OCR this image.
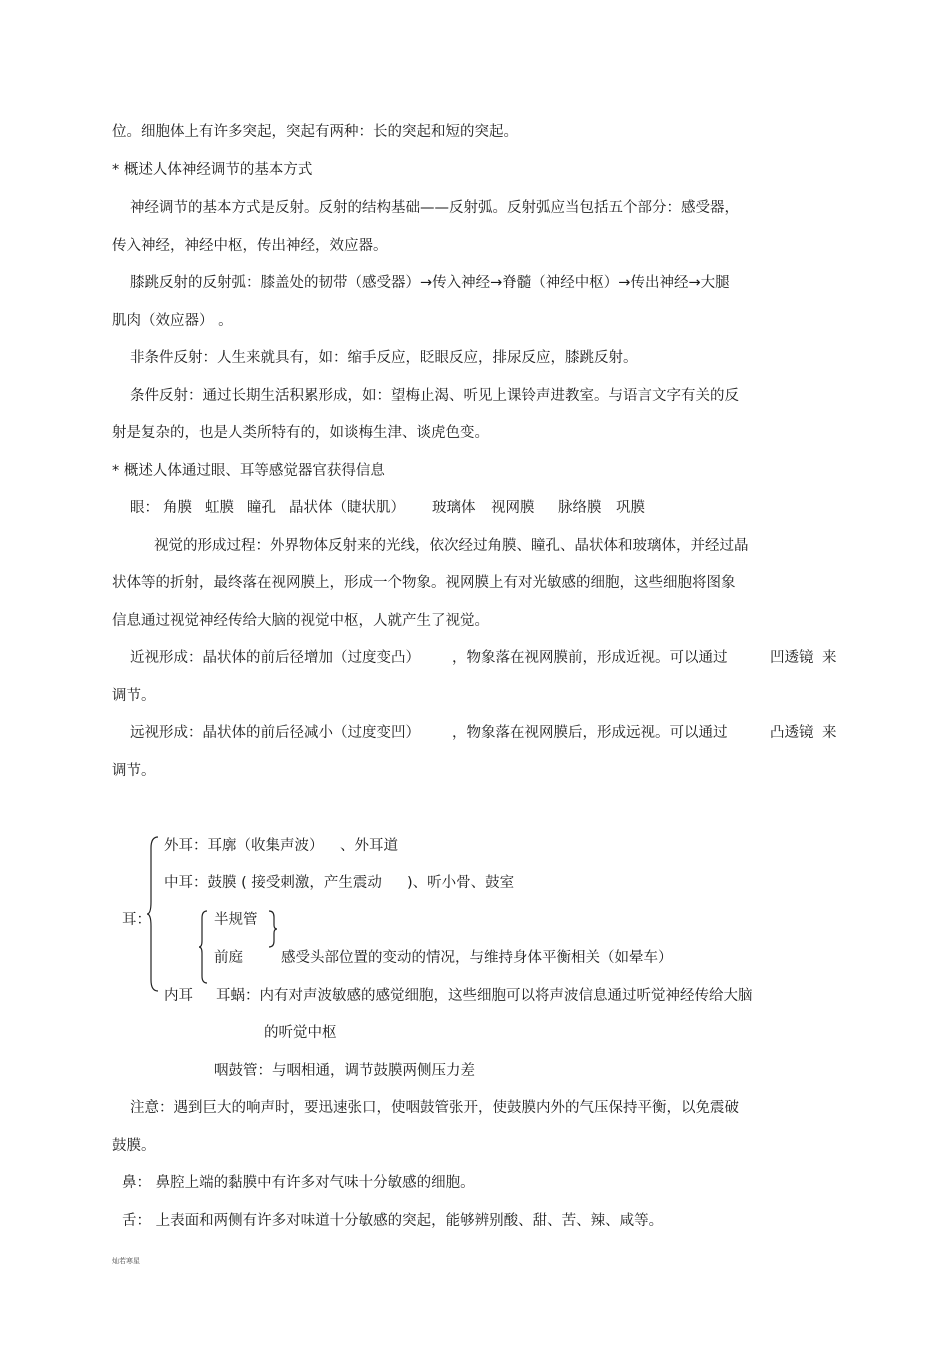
位。细胞体上有许多突起，突起有两种：长的突起和短的突起。
* 概述人体神经调节的基本方式
神经调节的基本方式是反射。反射的结构基础——反射弧。反射弧应当包括五个部分：感受器，
传入神经，神经中枢，传出神经，效应器。
膝跳反射的反射弧：膝盖处的韧带（感受器）→传入神经→脊髓（神经中枢）→传出神经→大腿
肌肉（效应器） 。
非条件反射：人生来就具有，如：缩手反应，眨眼反应，排尿反应，膝跳反射。
条件反射：通过长期生活积累形成，如：望梅止渴、听见上课铃声进教室。与语言文字有关的反
射是复杂的，也是人类所特有的，如谈梅生津、谈虎色变。
* 概述人体通过眼、耳等感觉器官获得信息
眼： 角膜 虹膜 瞳孔 晶状体（睫状肌） 玻璃体 视网膜 脉络膜 巩膜
视觉的形成过程：外界物体反射来的光线，依次经过角膜、瞳孔、晶状体和玻璃体，并经过晶
状体等的折射，最终落在视网膜上，形成一个物象。视网膜上有对光敏感的细胞，这些细胞将图象
信息通过视觉神经传给大脑的视觉中枢，人就产生了视觉。
近视形成：晶状体的前后径增加（过度变凸） ，物象落在视网膜前，形成近视。可以通过	凹透镜 来
调节。
远视形成：晶状体的前后径减小（过度变凹） ，物象落在视网膜后，形成远视。可以通过	凸透镜 来
调节。
耳：
外耳：耳廓（收集声波） 、外耳道
中耳：鼓膜 ( 接受刺激，产生震动 )、听小骨、鼓室
半规管
前庭	感受头部位置的变动的情况，与维持身体平衡相关（如晕车）
内耳 耳蜗：内有对声波敏感的感觉细胞，这些细胞可以将声波信息通过听觉神经传给大脑
的听觉中枢
咽鼓管：与咽相通，调节鼓膜两侧压力差
注意：遇到巨大的响声时，要迅速张口，使咽鼓管张开，使鼓膜内外的气压保持平衡，以免震破
鼓膜。
鼻： 鼻腔上端的黏膜中有许多对气味十分敏感的细胞。
舌： 上表面和两侧有许多对味道十分敏感的突起，能够辨别酸、甜、苦、辣、咸等。
灿若寒星
